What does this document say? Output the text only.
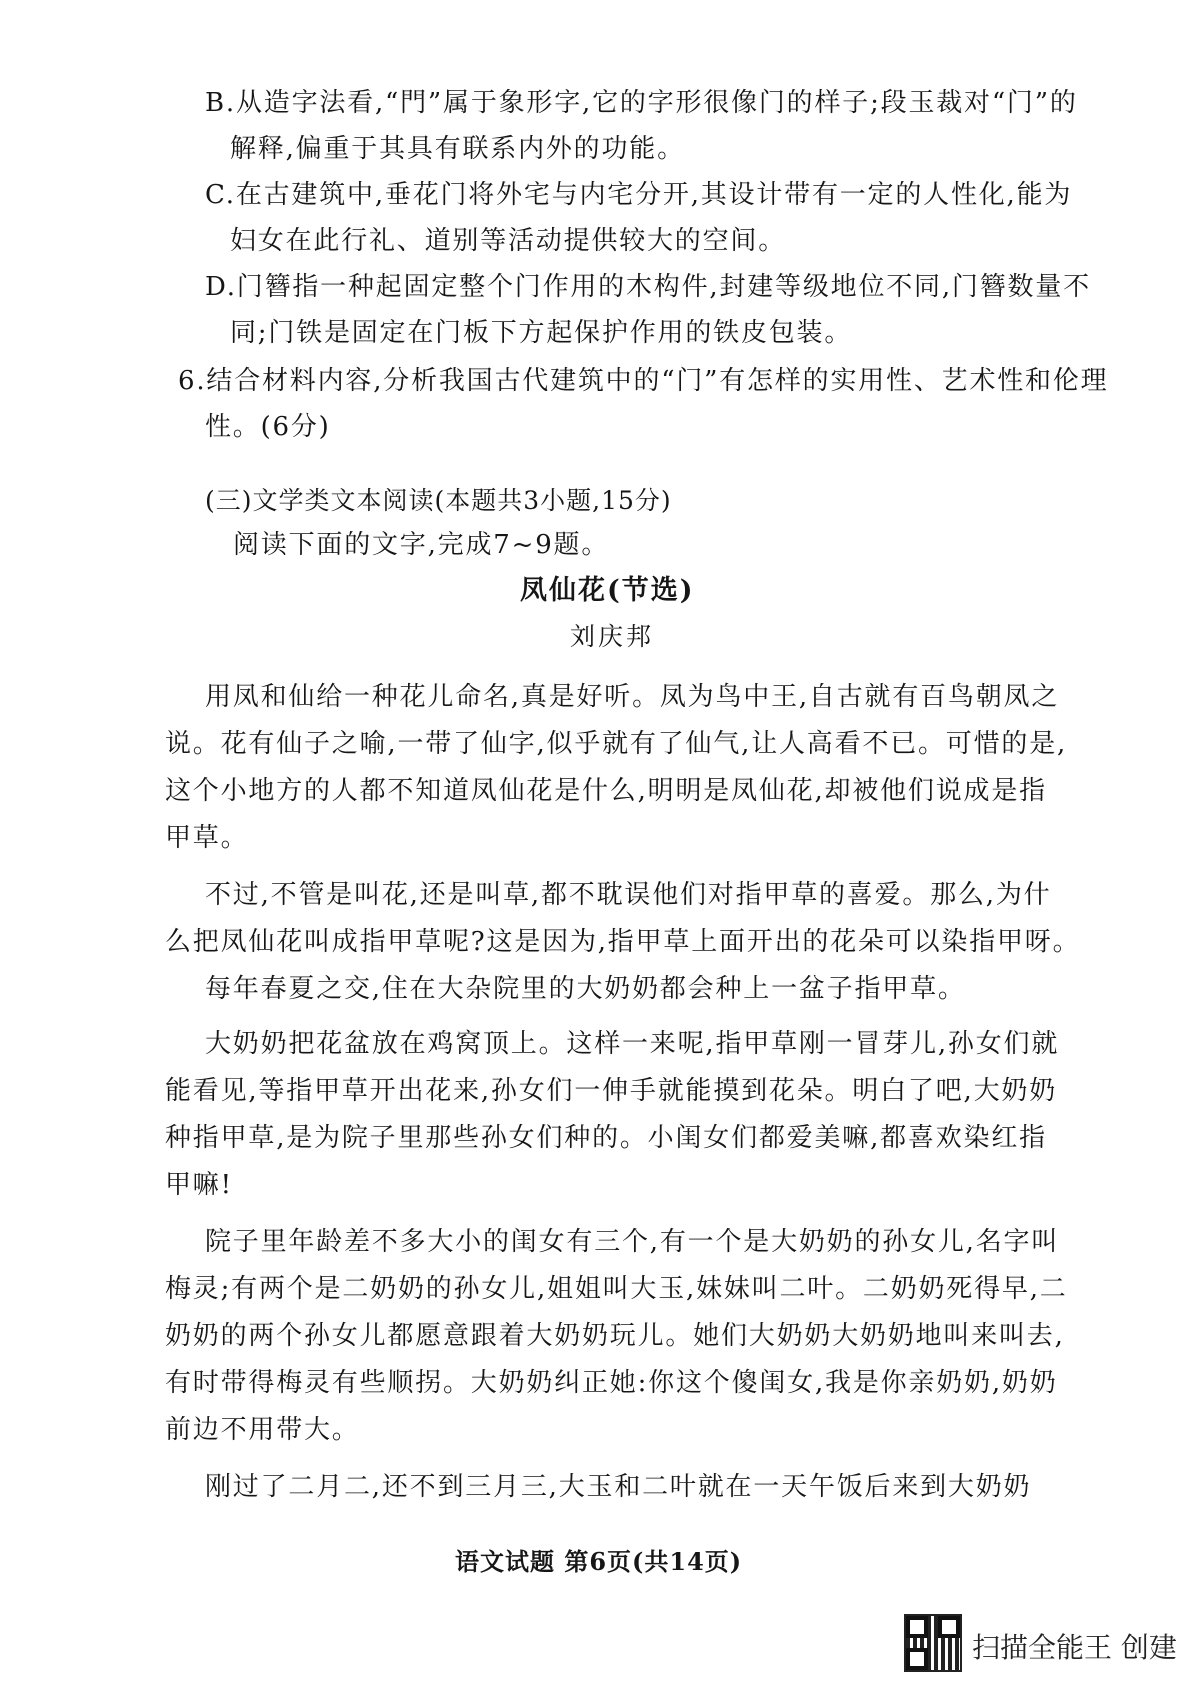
B.从造字法看,“門”属于象形字,它的字形很像门的样子;段玉裁对“门”的

解释,偏重于其具有联系内外的功能。

C.在古建筑中,垂花门将外宅与内宅分开,其设计带有一定的人性化,能为

妇女在此行礼、道别等活动提供较大的空间。

D.门簪指一种起固定整个门作用的木构件,封建等级地位不同,门簪数量不

同;门铁是固定在门板下方起保护作用的铁皮包装。

6.结合材料内容,分析我国古代建筑中的“门”有怎样的实用性、艺术性和伦理

性。(6分)

(三)文学类文本阅读(本题共3小题,15分)

阅读下面的文字,完成7~9题。

凤仙花(节选)

刘庆邦

用凤和仙给一种花儿命名,真是好听。凤为鸟中王,自古就有百鸟朝凤之

说。花有仙子之喻,一带了仙字,似乎就有了仙气,让人高看不已。可惜的是,

这个小地方的人都不知道凤仙花是什么,明明是凤仙花,却被他们说成是指

甲草。

不过,不管是叫花,还是叫草,都不耽误他们对指甲草的喜爱。那么,为什

么把凤仙花叫成指甲草呢?这是因为,指甲草上面开出的花朵可以染指甲呀。

每年春夏之交,住在大杂院里的大奶奶都会种上一盆子指甲草。

大奶奶把花盆放在鸡窝顶上。这样一来呢,指甲草刚一冒芽儿,孙女们就

能看见,等指甲草开出花来,孙女们一伸手就能摸到花朵。明白了吧,大奶奶

种指甲草,是为院子里那些孙女们种的。小闺女们都爱美嘛,都喜欢染红指

甲嘛!

院子里年龄差不多大小的闺女有三个,有一个是大奶奶的孙女儿,名字叫

梅灵;有两个是二奶奶的孙女儿,姐姐叫大玉,妹妹叫二叶。二奶奶死得早,二

奶奶的两个孙女儿都愿意跟着大奶奶玩儿。她们大奶奶大奶奶地叫来叫去,

有时带得梅灵有些顺拐。大奶奶纠正她:你这个傻闺女,我是你亲奶奶,奶奶

前边不用带大。

刚过了二月二,还不到三月三,大玉和二叶就在一天午饭后来到大奶奶

语文试题 第6页(共14页)

扫描全能王 创建
